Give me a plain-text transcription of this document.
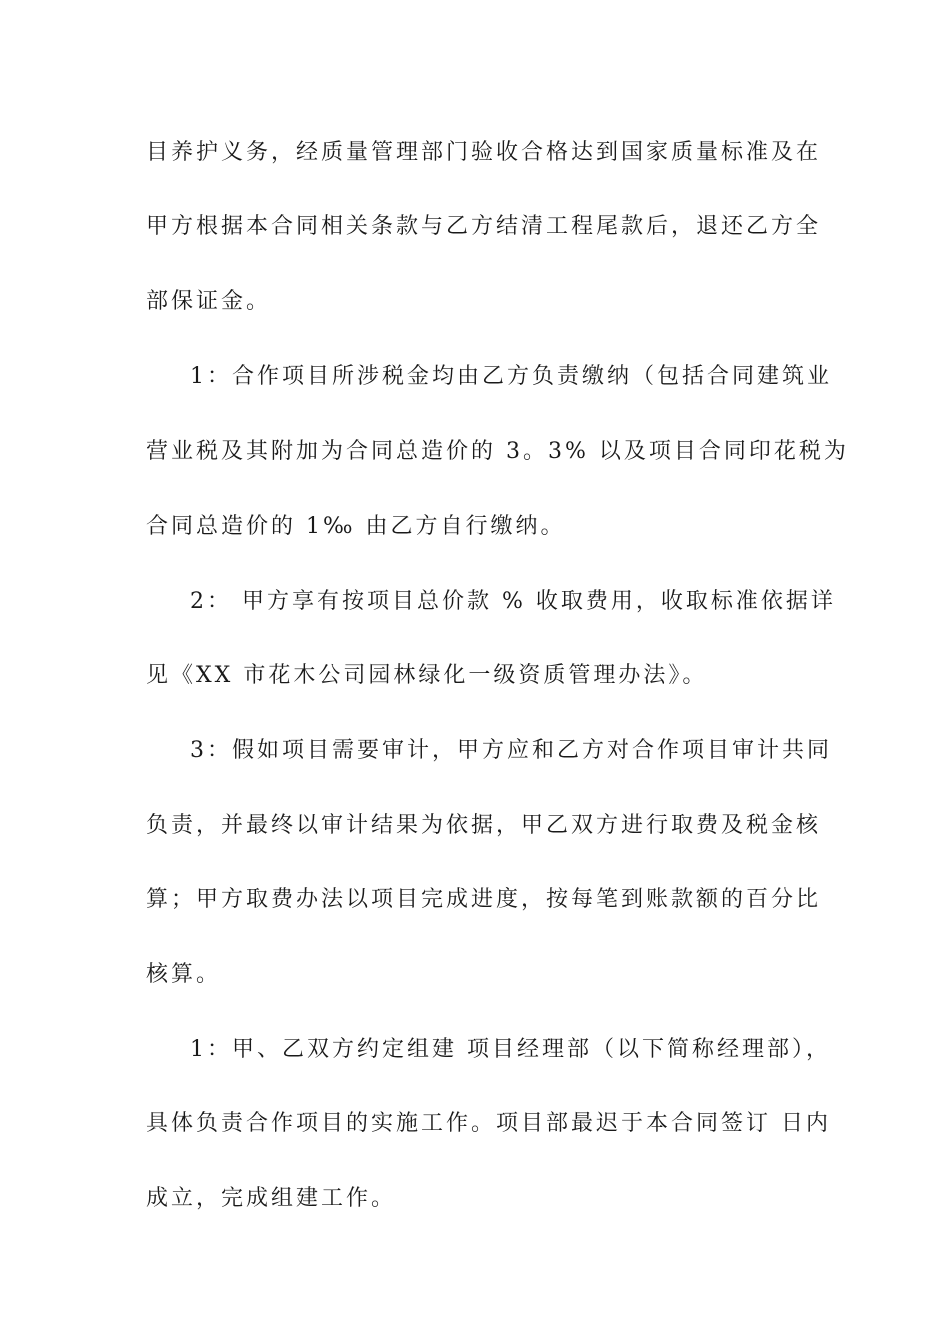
目养护义务，经质量管理部门验收合格达到国家质量标准及在
甲方根据本合同相关条款与乙方结清工程尾款后，退还乙方全
部保证金。
1：合作项目所涉税金均由乙方负责缴纳（包括合同建筑业
营业税及其附加为合同总造价的 3。3% 以及项目合同印花税为
合同总造价的 1‰ 由乙方自行缴纳。
2： 甲方享有按项目总价款 % 收取费用，收取标准依据详
见《XX 市花木公司园林绿化一级资质管理办法》。
3：假如项目需要审计，甲方应和乙方对合作项目审计共同
负责，并最终以审计结果为依据，甲乙双方进行取费及税金核
算；甲方取费办法以项目完成进度，按每笔到账款额的百分比
核算。
1：甲、乙双方约定组建 项目经理部（以下简称经理部），
具体负责合作项目的实施工作。项目部最迟于本合同签订 日内
成立，完成组建工作。
